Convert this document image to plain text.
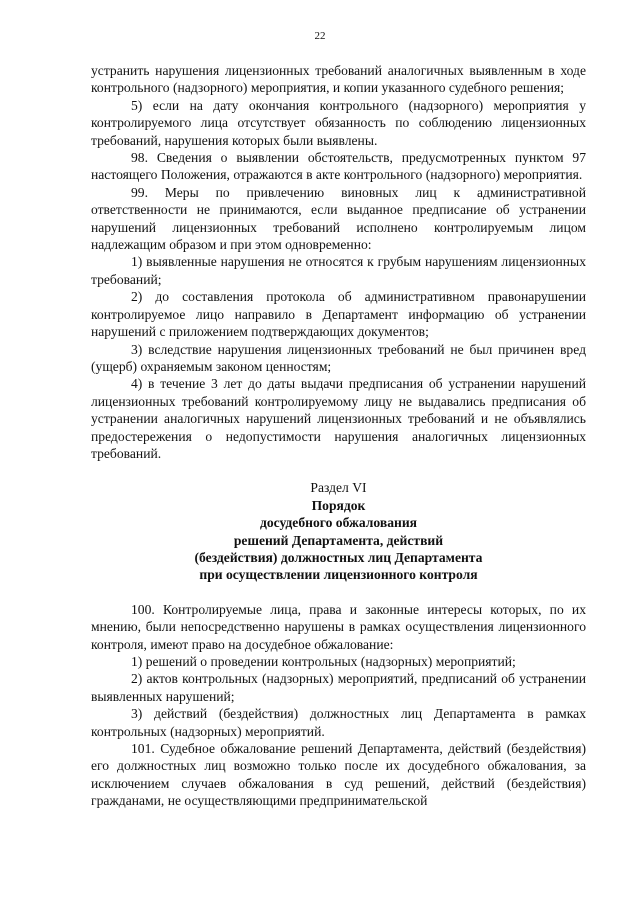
22

устранить нарушения лицензионных требований аналогичных выявленным в ходе контрольного (надзорного) мероприятия, и копии указанного судебного решения;

5) если на дату окончания контрольного (надзорного) мероприятия у контролируемого лица отсутствует обязанность по соблюдению лицензионных требований, нарушения которых были выявлены.

98. Сведения о выявлении обстоятельств, предусмотренных пунктом 97 настоящего Положения, отражаются в акте контрольного (надзорного) мероприятия.

99. Меры по привлечению виновных лиц к административной ответственности не принимаются, если выданное предписание об устранении нарушений лицензионных требований исполнено контролируемым лицом надлежащим образом и при этом одновременно:

1) выявленные нарушения не относятся к грубым нарушениям лицензионных требований;

2) до составления протокола об административном правонарушении контролируемое лицо направило в Департамент информацию об устранении нарушений с приложением подтверждающих документов;

3) вследствие нарушения лицензионных требований не был причинен вред (ущерб) охраняемым законом ценностям;

4) в течение 3 лет до даты выдачи предписания об устранении нарушений лицензионных требований контролируемому лицу не выдавались предписания об устранении аналогичных нарушений лицензионных требований и не объявлялись предостережения о недопустимости нарушения аналогичных лицензионных требований.

Раздел VI
Порядок
досудебного обжалования
решений Департамента, действий
(бездействия) должностных лиц Департамента
при осуществлении лицензионного контроля

100. Контролируемые лица, права и законные интересы которых, по их мнению, были непосредственно нарушены в рамках осуществления лицензионного контроля, имеют право на досудебное обжалование:

1) решений о проведении контрольных (надзорных) мероприятий;

2) актов контрольных (надзорных) мероприятий, предписаний об устранении выявленных нарушений;

3) действий (бездействия) должностных лиц Департамента в рамках контрольных (надзорных) мероприятий.

101. Судебное обжалование решений Департамента, действий (бездействия) его должностных лиц возможно только после их досудебного обжалования, за исключением случаев обжалования в суд решений, действий (бездействия) гражданами, не осуществляющими предпринимательской
